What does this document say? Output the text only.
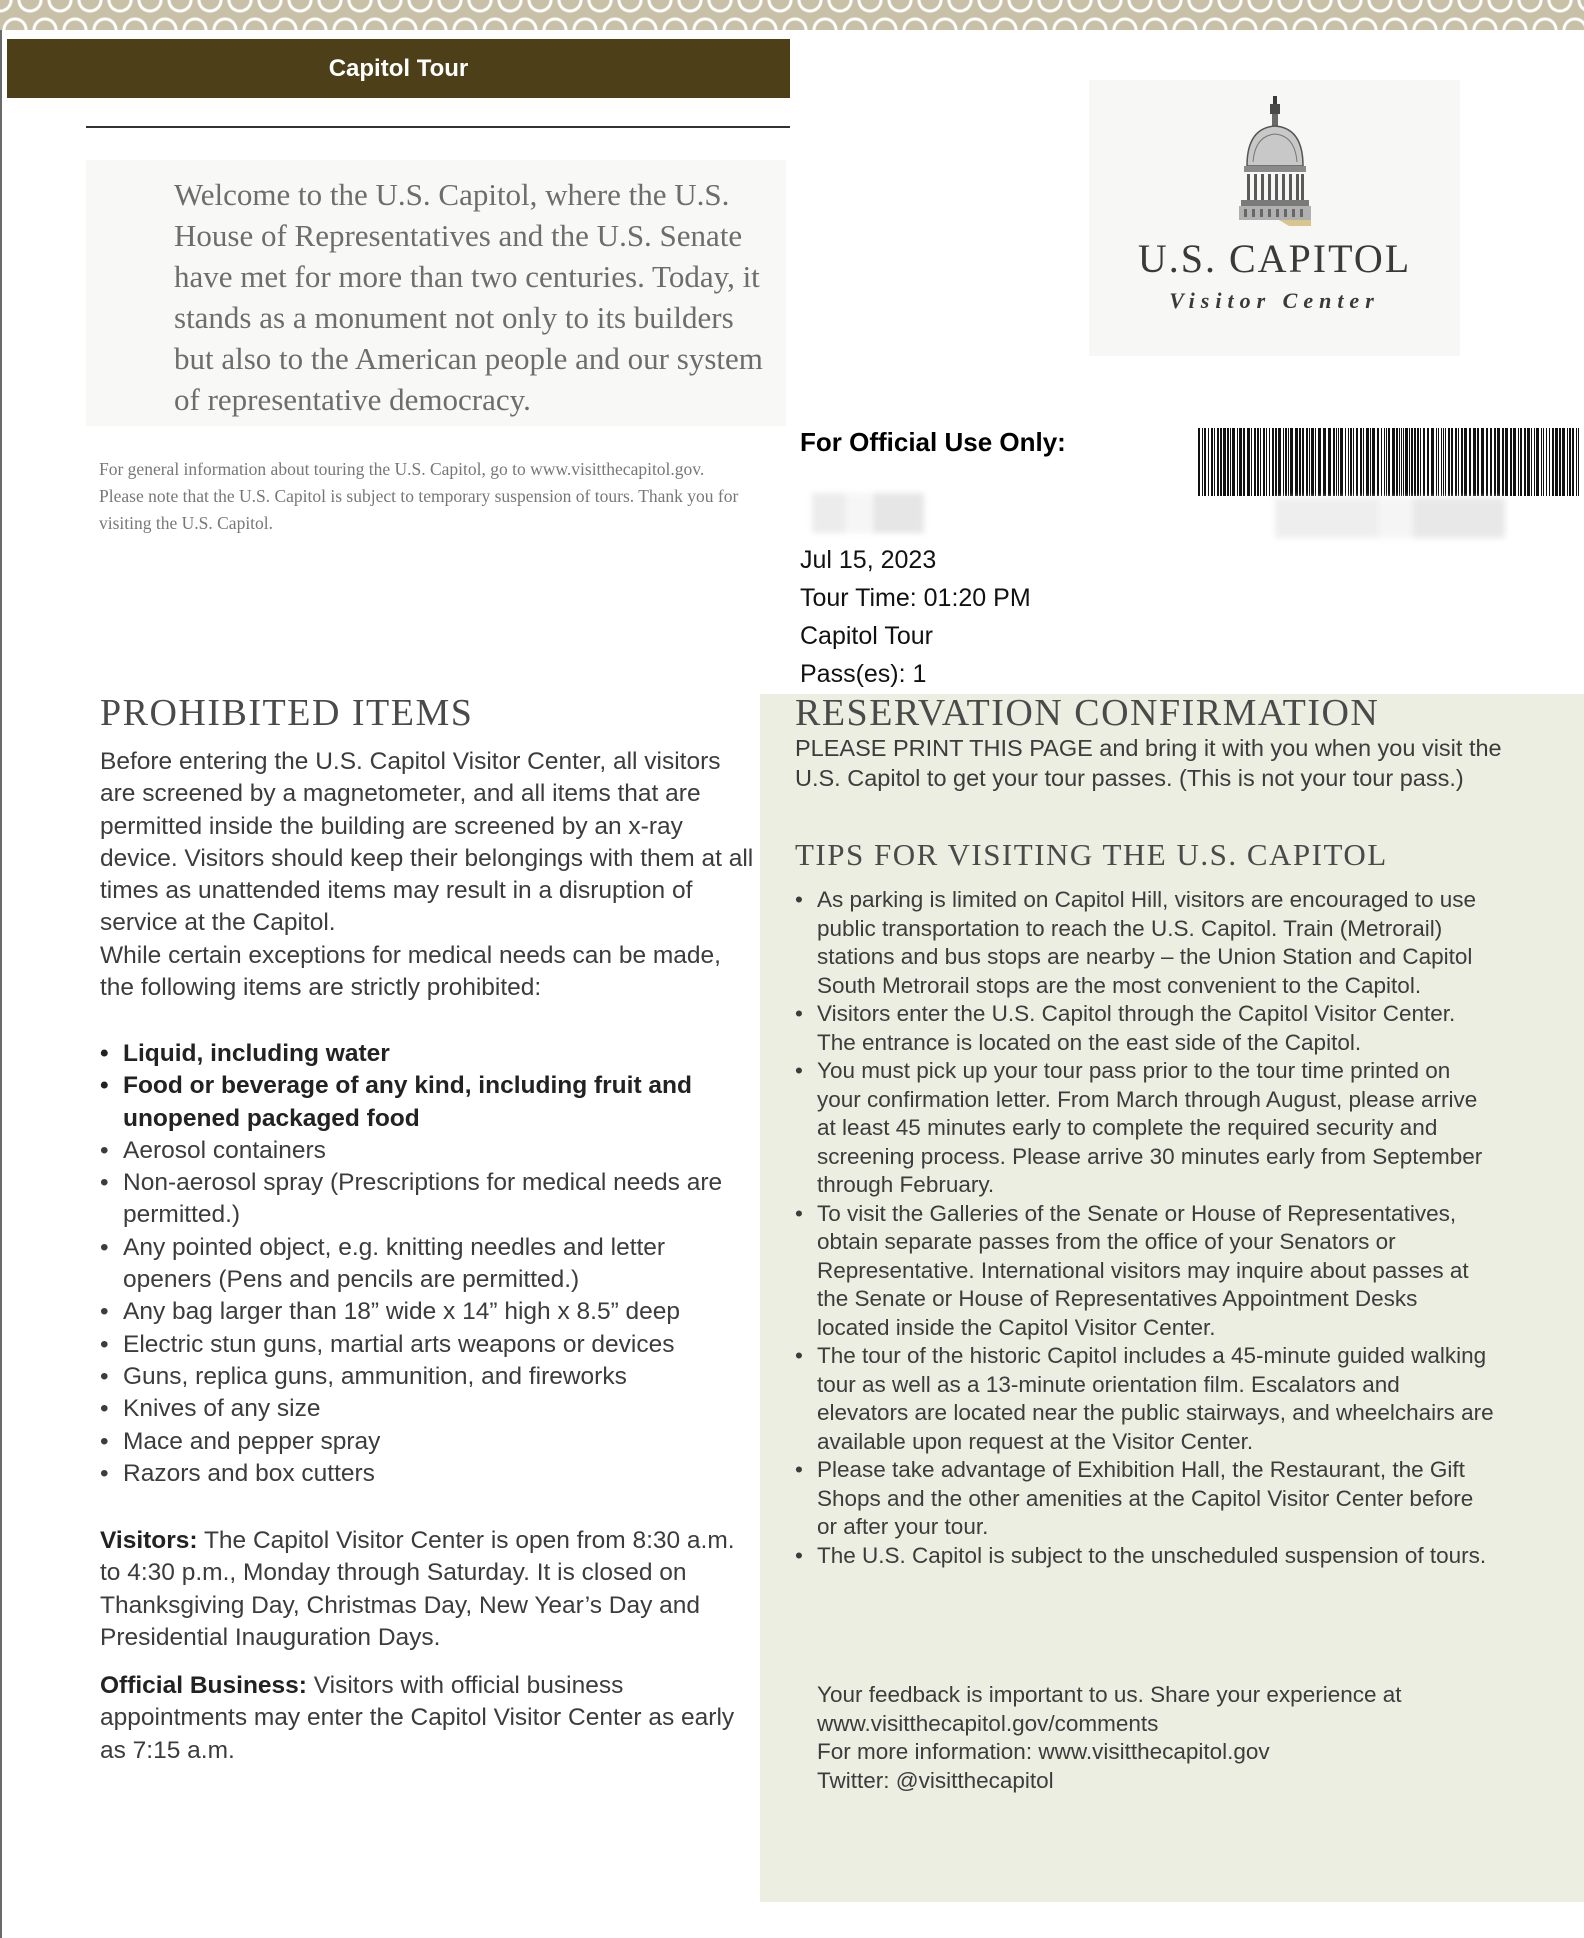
Capitol Tour

Welcome to the U.S. Capitol, where the U.S. House of Representatives and the U.S. Senate have met for more than two centuries. Today, it stands as a monument not only to its builders but also to the American people and our system of representative democracy.

For general information about touring the U.S. Capitol, go to www.visitthecapitol.gov. Please note that the U.S. Capitol is subject to temporary suspension of tours. Thank you for visiting the U.S. Capitol.

U.S. CAPITOL
Visitor Center
For Official Use Only:
Jul 15, 2023
Tour Time: 01:20 PM
Capitol Tour
Pass(es): 1
PROHIBITED ITEMS

Before entering the U.S. Capitol Visitor Center, all visitors are screened by a magnetometer, and all items that are permitted inside the building are screened by an x-ray device. Visitors should keep their belongings with them at all times as unattended items may result in a disruption of service at the Capitol.
While certain exceptions for medical needs can be made, the following items are strictly prohibited:

• Liquid, including water
• Food or beverage of any kind, including fruit and unopened packaged food
• Aerosol containers
• Non-aerosol spray (Prescriptions for medical needs are permitted.)
• Any pointed object, e.g. knitting needles and letter openers (Pens and pencils are permitted.)
• Any bag larger than 18” wide x 14” high x 8.5” deep
• Electric stun guns, martial arts weapons or devices
• Guns, replica guns, ammunition, and fireworks
• Knives of any size
• Mace and pepper spray
• Razors and box cutters

Visitors: The Capitol Visitor Center is open from 8:30 a.m. to 4:30 p.m., Monday through Saturday. It is closed on Thanksgiving Day, Christmas Day, New Year’s Day and Presidential Inauguration Days.

Official Business: Visitors with official business appointments may enter the Capitol Visitor Center as early as 7:15 a.m.

RESERVATION CONFIRMATION

PLEASE PRINT THIS PAGE and bring it with you when you visit the U.S. Capitol to get your tour passes. (This is not your tour pass.)

TIPS FOR VISITING THE U.S. CAPITOL
• As parking is limited on Capitol Hill, visitors are encouraged to use public transportation to reach the U.S. Capitol. Train (Metrorail) stations and bus stops are nearby – the Union Station and Capitol South Metrorail stops are the most convenient to the Capitol.
• Visitors enter the U.S. Capitol through the Capitol Visitor Center. The entrance is located on the east side of the Capitol.
• You must pick up your tour pass prior to the tour time printed on your confirmation letter. From March through August, please arrive at least 45 minutes early to complete the required security and screening process. Please arrive 30 minutes early from September through February.
• To visit the Galleries of the Senate or House of Representatives, obtain separate passes from the office of your Senators or Representative. International visitors may inquire about passes at the Senate or House of Representatives Appointment Desks located inside the Capitol Visitor Center.
• The tour of the historic Capitol includes a 45-minute guided walking tour as well as a 13-minute orientation film. Escalators and elevators are located near the public stairways, and wheelchairs are available upon request at the Visitor Center.
• Please take advantage of Exhibition Hall, the Restaurant, the Gift Shops and the other amenities at the Capitol Visitor Center before or after your tour.
• The U.S. Capitol is subject to the unscheduled suspension of tours.
Your feedback is important to us. Share your experience at
www.visitthecapitol.gov/comments
For more information: www.visitthecapitol.gov
Twitter: @visitthecapitol
